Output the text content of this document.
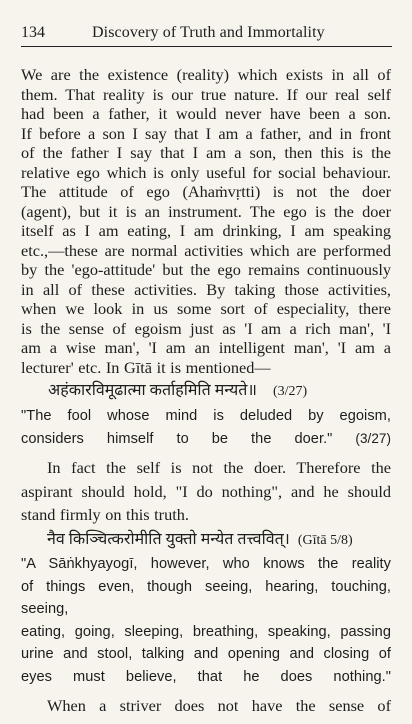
134	Discovery of Truth and Immortality

We are the existence (reality) which exists in all of

them. That reality is our true nature. If our real self

had been a father, it would never have been a son.

If before a son I say that I am a father, and in front

of the father I say that I am a son, then this is the

relative ego which is only useful for social behaviour.

The attitude of ego (Ahaṁvṛtti) is not the doer

(agent), but it is an instrument. The ego is the doer

itself as I am eating, I am drinking, I am speaking

etc.,—these are normal activities which are performed

by the 'ego-attitude' but the ego remains continuously

in all of these activities. By taking those activities,

when we look in us some sort of especiality, there

is the sense of egoism just as 'I am a rich man', 'I

am a wise man', 'I am an intelligent man', 'I am a

lecturer' etc. In Gītā it is mentioned—

अहंकारविमूढात्मा कर्ताहमिति मन्यते॥ (3/27)

"The fool whose mind is deluded by egoism,

considers himself to be the doer." (3/27)

In fact the self is not the doer. Therefore the

aspirant should hold, "I do nothing", and he should

stand firmly on this truth.

नैव किञ्चित्करोमीति युक्तो मन्येत तत्त्ववित्। (Gītā 5/8)

"A Sāṅkhyayogī, however, who knows the reality

of things even, though seeing, hearing, touching, seeing,

eating, going, sleeping, breathing, speaking, passing

urine and stool, talking and opening and closing of

eyes must believe, that he does nothing."

When a striver does not have the sense of
